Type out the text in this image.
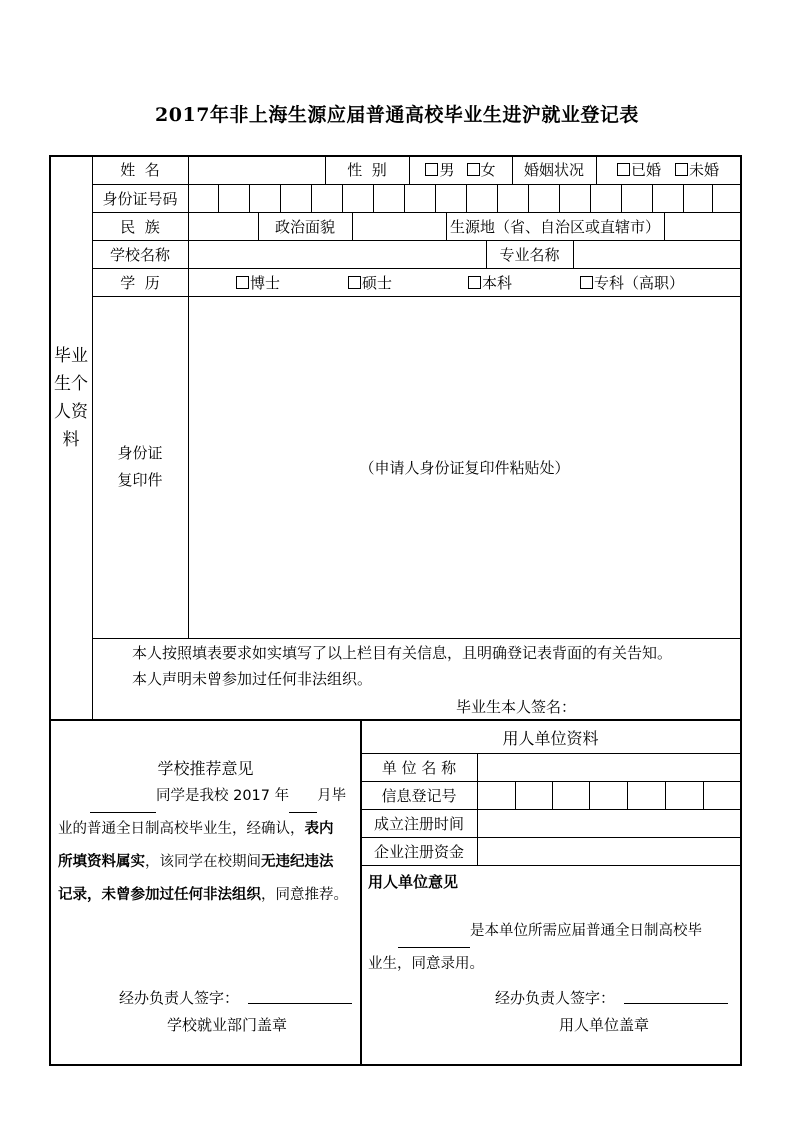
2017年非上海生源应届普通高校毕业生进沪就业登记表
毕业生个人资料
姓  名	性  别	男 女	婚姻状况	已婚 未婚
身份证号码
民  族	政治面貌	生源地（省、自治区或直辖市）
学校名称	专业名称
学  历	博士	硕士	本科	专科（高职）
身份证
复印件
（申请人身份证复印件粘贴处）
本人按照填表要求如实填写了以上栏目有关信息，且明确登记表背面的有关告知。
本人声明未曾参加过任何非法组织。
毕业生本人签名：
学校推荐意见
同学是我校 2017 年 月毕
业的普通全日制高校毕业生，经确认，表内
所填资料属实，该同学在校期间无违纪违法
记录，未曾参加过任何非法组织，同意推荐。
经办负责人签字：
学校就业部门盖章
用人单位资料
单 位 名 称
信息登记号
成立注册时间
企业注册资金
用人单位意见
是本单位所需应届普通全日制高校毕
业生，同意录用。
经办负责人签字：
用人单位盖章
